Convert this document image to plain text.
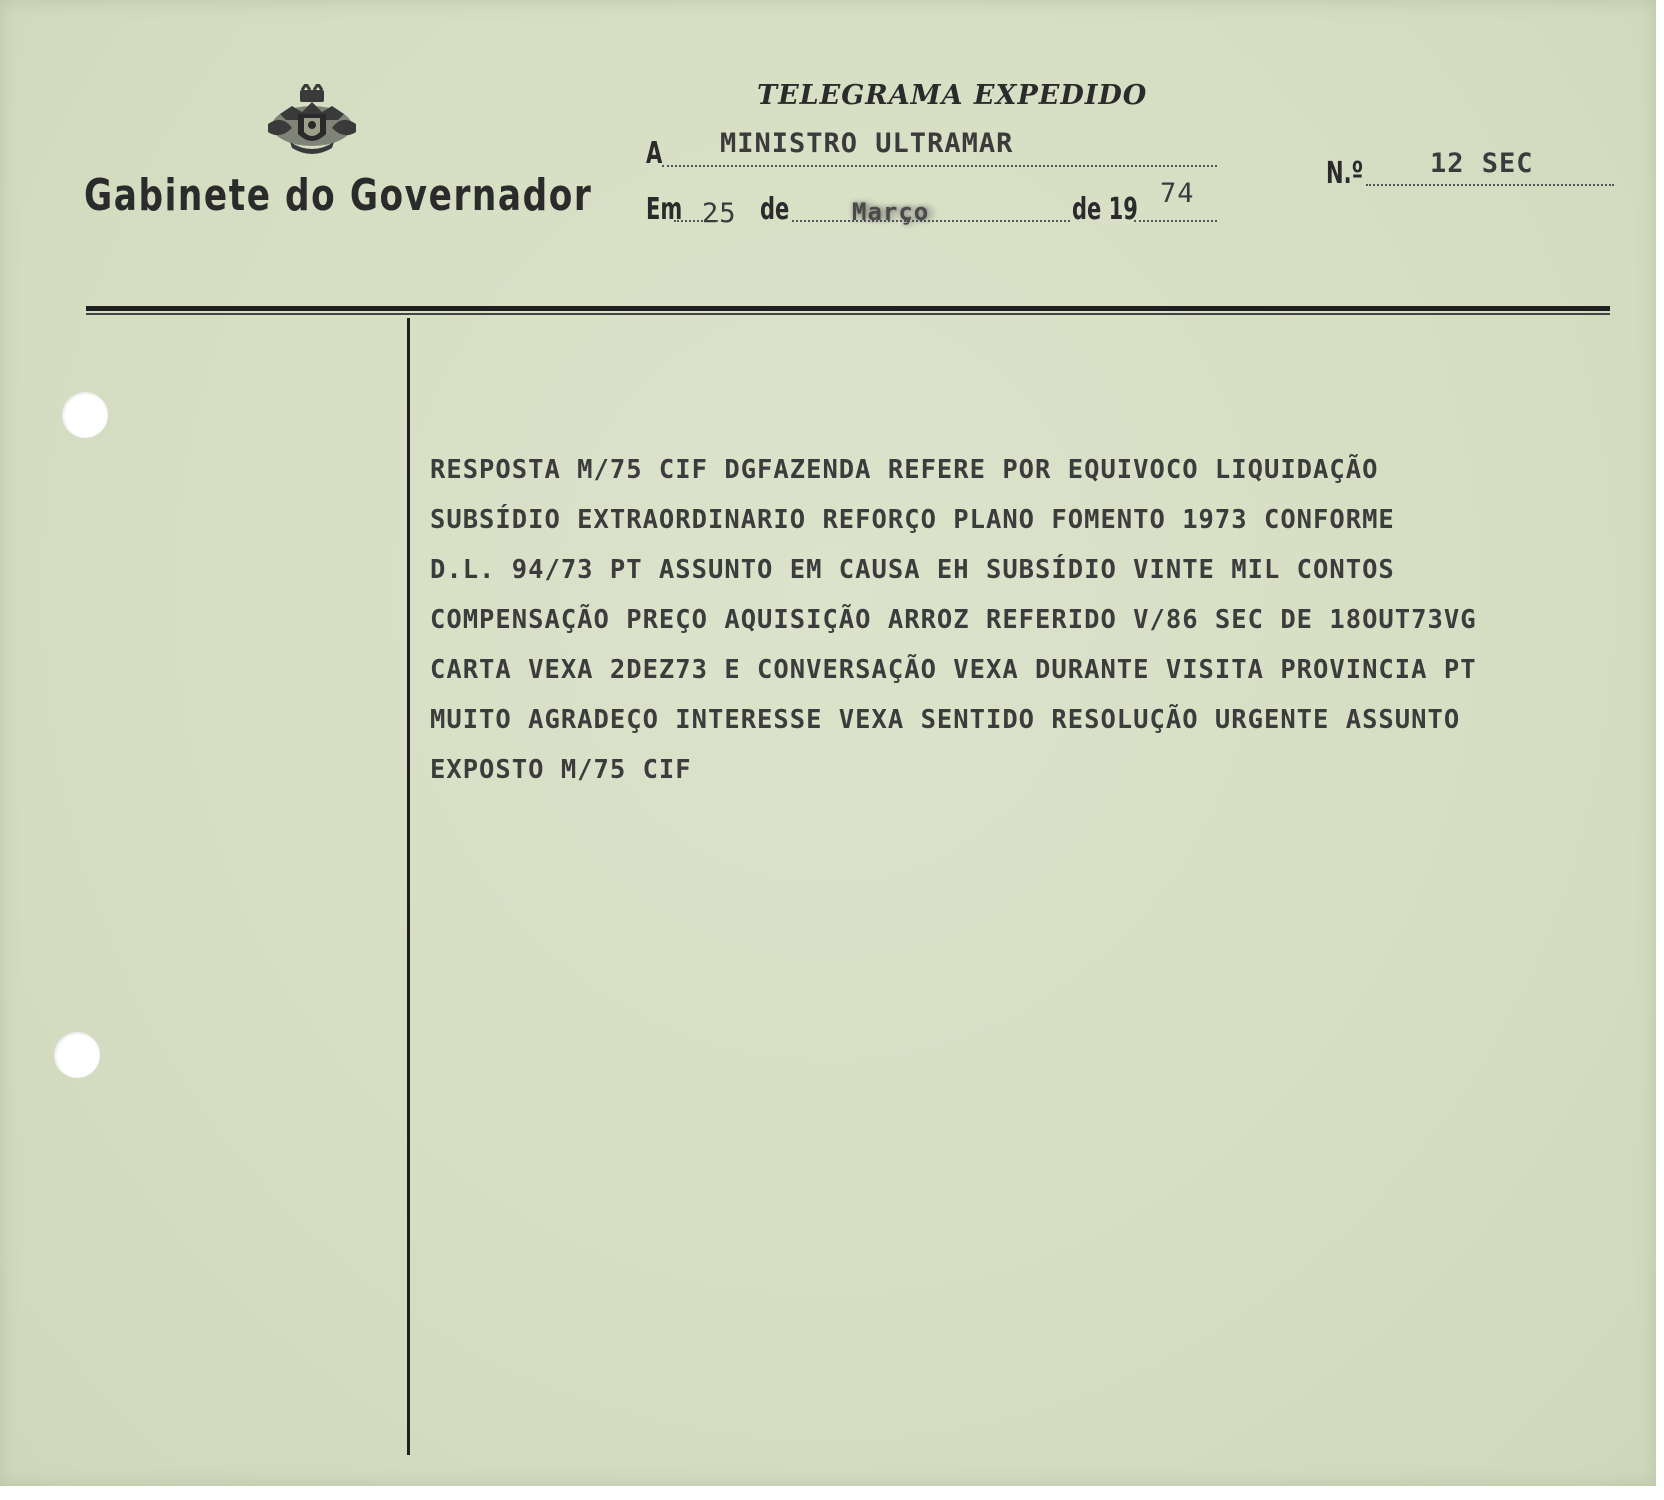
Gabinete do Governador
TELEGRAMA EXPEDIDO
A MINISTRO ULTRAMAR
N.º 12 SEC
Em 25 de	Março	de 19 74
RESPOSTA M/75 CIF DGFAZENDA REFERE POR EQUIVOCO LIQUIDAÇÃO
SUBSÍDIO EXTRAORDINARIO REFORÇO PLANO FOMENTO 1973 CONFORME
D.L. 94/73 PT ASSUNTO EM CAUSA EH SUBSÍDIO VINTE MIL CONTOS
COMPENSAÇÃO PREÇO AQUISIÇÃO ARROZ REFERIDO V/86 SEC DE 18OUT73VG
CARTA VEXA 2DEZ73 E CONVERSAÇÃO VEXA DURANTE VISITA PROVINCIA PT
MUITO AGRADEÇO INTERESSE VEXA SENTIDO RESOLUÇÃO URGENTE ASSUNTO
EXPOSTO M/75 CIF
